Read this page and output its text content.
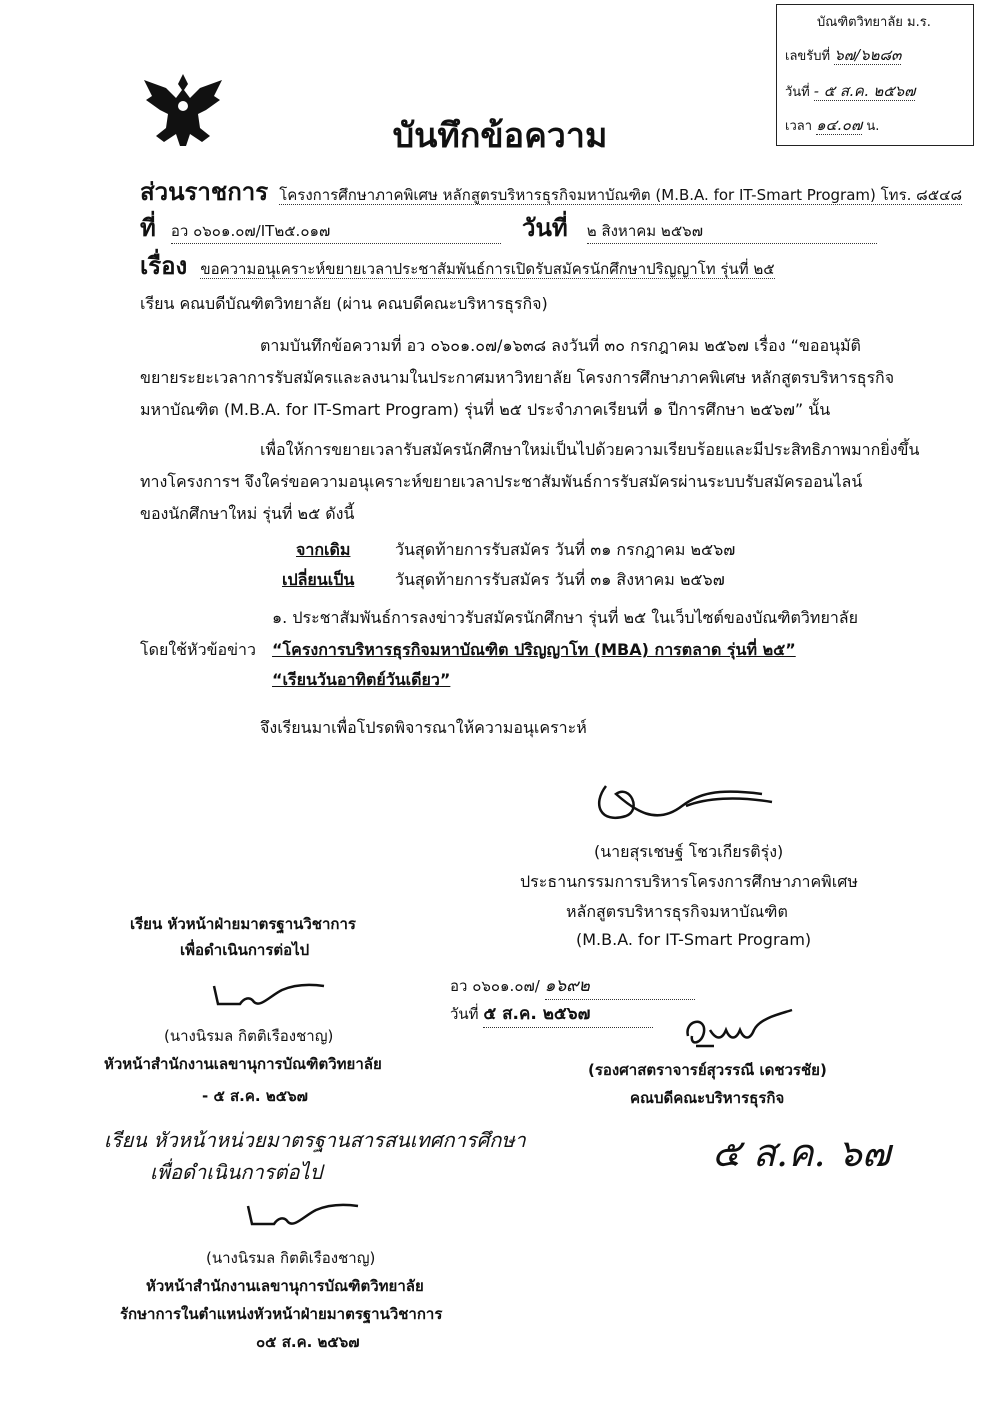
บัณฑิตวิทยาลัย ม.ร.
เลขรับที่ ๖๗/๖๒๘๓
วันที่ - ๕ ส.ค. ๒๕๖๗
เวลา ๑๔.๐๗ น.
บันทึกข้อความ
ส่วนราชการ โครงการศึกษาภาคพิเศษ หลักสูตรบริหารธุรกิจมหาบัณฑิต (M.B.A. for IT-Smart Program) โทร. ๘๕๔๘
ที่ อว ๐๖๐๑.๐๗/IT๒๕.๐๑๗	วันที่ ๒ สิงหาคม ๒๕๖๗
เรื่อง ขอความอนุเคราะห์ขยายเวลาประชาสัมพันธ์การเปิดรับสมัครนักศึกษาปริญญาโท รุ่นที่ ๒๕
เรียน คณบดีบัณฑิตวิทยาลัย (ผ่าน คณบดีคณะบริหารธุรกิจ)
ตามบันทึกข้อความที่ อว ๐๖๐๑.๐๗/๑๖๓๘ ลงวันที่ ๓๐ กรกฎาคม ๒๕๖๗ เรื่อง “ขออนุมัติ
ขยายระยะเวลาการรับสมัครและลงนามในประกาศมหาวิทยาลัย โครงการศึกษาภาคพิเศษ หลักสูตรบริหารธุรกิจ
มหาบัณฑิต (M.B.A. for IT-Smart Program) รุ่นที่ ๒๕ ประจำภาคเรียนที่ ๑ ปีการศึกษา ๒๕๖๗” นั้น
เพื่อให้การขยายเวลารับสมัครนักศึกษาใหม่เป็นไปด้วยความเรียบร้อยและมีประสิทธิภาพมากยิ่งขึ้น
ทางโครงการฯ จึงใคร่ขอความอนุเคราะห์ขยายเวลาประชาสัมพันธ์การรับสมัครผ่านระบบรับสมัครออนไลน์
ของนักศึกษาใหม่ รุ่นที่ ๒๕ ดังนี้
จากเดิม	วันสุดท้ายการรับสมัคร วันที่ ๓๑ กรกฎาคม ๒๕๖๗
เปลี่ยนเป็น	วันสุดท้ายการรับสมัคร วันที่ ๓๑ สิงหาคม ๒๕๖๗
๑. ประชาสัมพันธ์การลงข่าวรับสมัครนักศึกษา รุ่นที่ ๒๕ ในเว็บไซต์ของบัณฑิตวิทยาลัย
โดยใช้หัวข้อข่าว “โครงการบริหารธุรกิจมหาบัณฑิต ปริญญาโท (MBA) การตลาด รุ่นที่ ๒๕”
“เรียนวันอาทิตย์วันเดียว”
จึงเรียนมาเพื่อโปรดพิจารณาให้ความอนุเคราะห์
(นายสุรเชษฐ์ โชวเกียรติรุ่ง)
ประธานกรรมการบริหารโครงการศึกษาภาคพิเศษ
หลักสูตรบริหารธุรกิจมหาบัณฑิต
(M.B.A. for IT-Smart Program)
อว ๐๖๐๑.๐๗/ ๑๖๙๒
วันที่ ๕ ส.ค. ๒๕๖๗
(รองศาสตราจารย์สุวรรณี เดชวรชัย)
คณบดีคณะบริหารธุรกิจ
๕ ส.ค. ๖๗
เรียน หัวหน้าฝ่ายมาตรฐานวิชาการ
เพื่อดำเนินการต่อไป
(นางนิรมล กิตติเรืองชาญ)
หัวหน้าสำนักงานเลขานุการบัณฑิตวิทยาลัย
- ๕ ส.ค. ๒๕๖๗
เรียน หัวหน้าหน่วยมาตรฐานสารสนเทศการศึกษา
เพื่อดำเนินการต่อไป
(นางนิรมล กิตติเรืองชาญ)
หัวหน้าสำนักงานเลขานุการบัณฑิตวิทยาลัย
รักษาการในตำแหน่งหัวหน้าฝ่ายมาตรฐานวิชาการ
๐๕ ส.ค. ๒๕๖๗
